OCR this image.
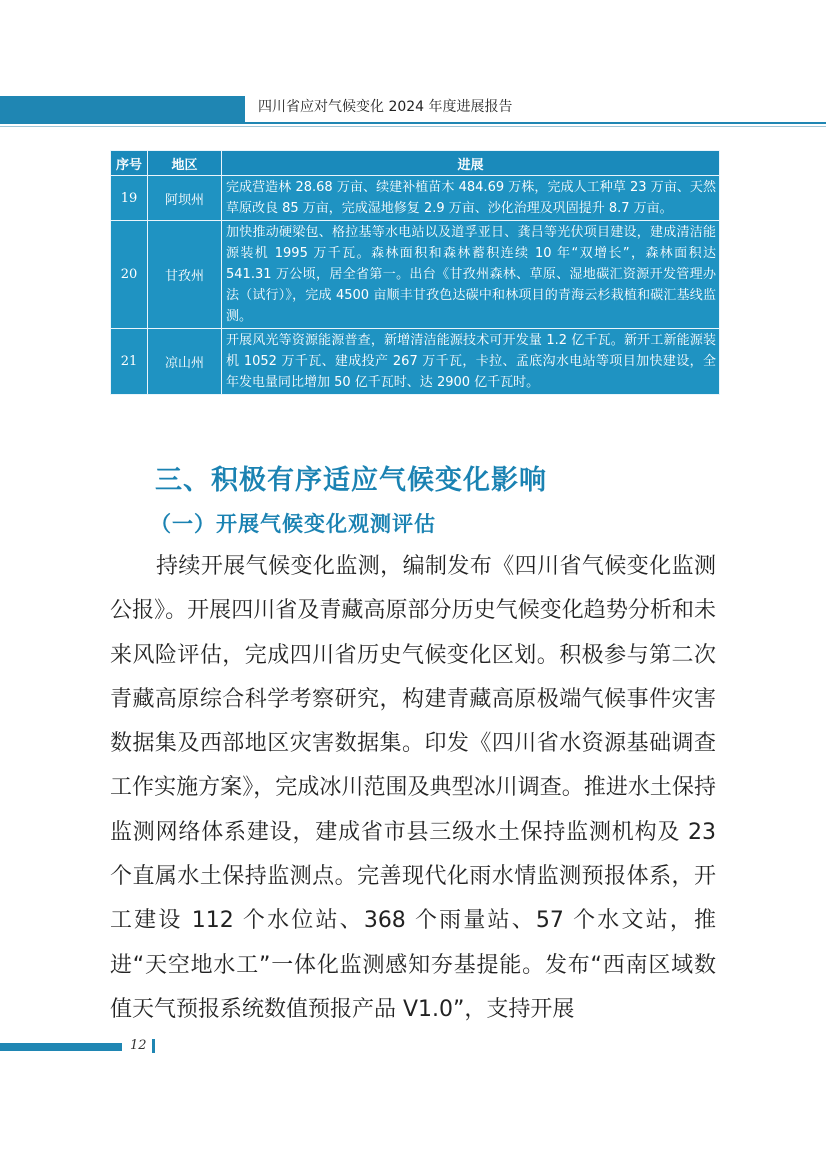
四川省应对气候变化 2024 年度进展报告
序号	地区	进展
19	阿坝州	完成营造林 28.68 万亩、续建补植苗木 484.69 万株，完成人工种草 23 万亩、天然草原改良 85 万亩，完成湿地修复 2.9 万亩、沙化治理及巩固提升 8.7 万亩。
20	甘孜州	加快推动硬梁包、格拉基等水电站以及道孚亚日、龚吕等光伏项目建设，建成清洁能源装机 1995 万千瓦。森林面积和森林蓄积连续 10 年“双增长”，森林面积达 541.31 万公顷，居全省第一。出台《甘孜州森林、草原、湿地碳汇资源开发管理办法（试行）》，完成 4500 亩顺丰甘孜色达碳中和林项目的青海云杉栽植和碳汇基线监测。
21	凉山州	开展风光等资源能源普查，新增清洁能源技术可开发量 1.2 亿千瓦。新开工新能源装机 1052 万千瓦、建成投产 267 万千瓦，卡拉、孟底沟水电站等项目加快建设，全年发电量同比增加 50 亿千瓦时、达 2900 亿千瓦时。
三、积极有序适应气候变化影响
（一）开展气候变化观测评估

持续开展气候变化监测，编制发布《四川省气候变化监测公报》。开展四川省及青藏高原部分历史气候变化趋势分析和未来风险评估，完成四川省历史气候变化区划。积极参与第二次青藏高原综合科学考察研究，构建青藏高原极端气候事件灾害数据集及西部地区灾害数据集。印发《四川省水资源基础调查工作实施方案》，完成冰川范围及典型冰川调查。推进水土保持监测网络体系建设，建成省市县三级水土保持监测机构及 23 个直属水土保持监测点。完善现代化雨水情监测预报体系，开工建设 112 个水位站、368 个雨量站、57 个水文站，推进“天空地水工”一体化监测感知夯基提能。发布“西南区域数值天气预报系统数值预报产品 V1.0”，支持开展

12
